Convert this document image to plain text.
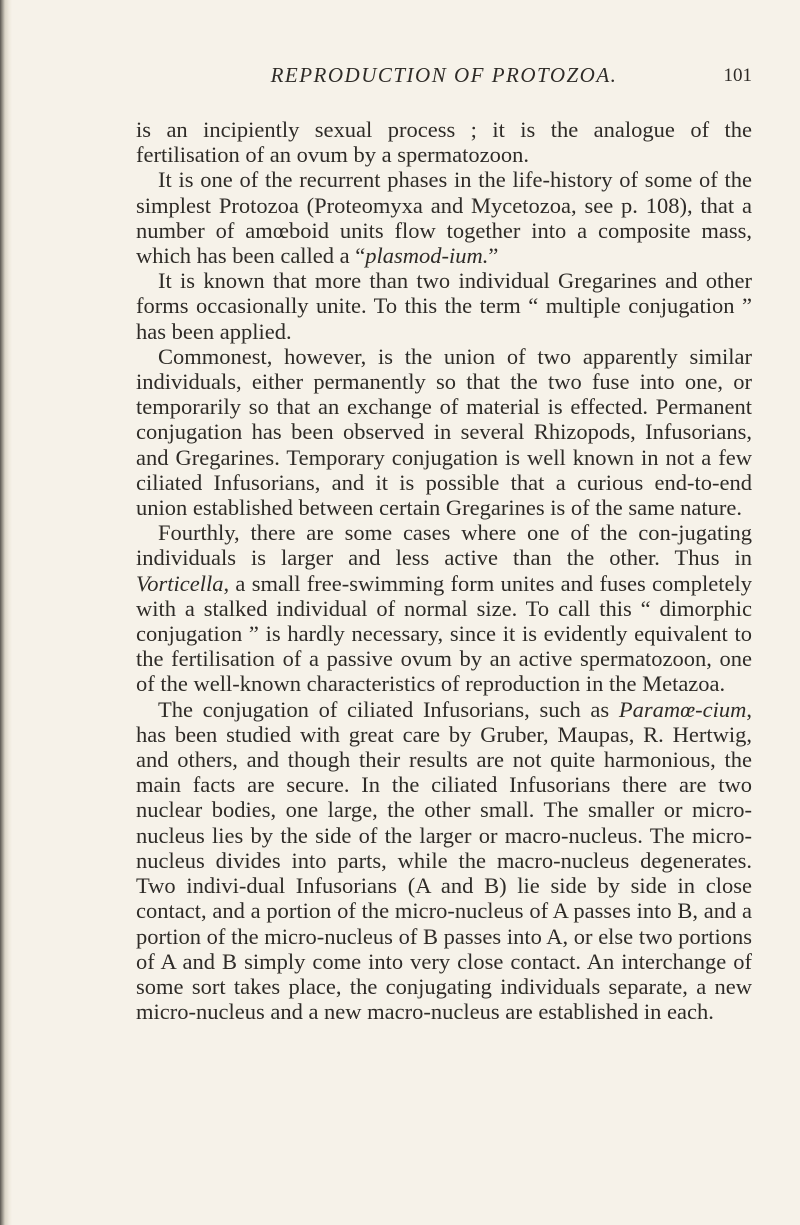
REPRODUCTION OF PROTOZOA.	101

is an incipiently sexual process ; it is the analogue of the fertilisation of an ovum by a spermatozoon.

It is one of the recurrent phases in the life-history of some of the simplest Protozoa (Proteomyxa and Mycetozoa, see p. 108), that a number of amœboid units flow together into a composite mass, which has been called a “plasmod-ium.”

It is known that more than two individual Gregarines and other forms occasionally unite. To this the term “ multiple conjugation ” has been applied.

Commonest, however, is the union of two apparently similar individuals, either permanently so that the two fuse into one, or temporarily so that an exchange of material is effected. Permanent conjugation has been observed in several Rhizopods, Infusorians, and Gregarines. Temporary conjugation is well known in not a few ciliated Infusorians, and it is possible that a curious end-to-end union established between certain Gregarines is of the same nature.

Fourthly, there are some cases where one of the con-jugating individuals is larger and less active than the other. Thus in Vorticella, a small free-swimming form unites and fuses completely with a stalked individual of normal size. To call this “ dimorphic conjugation ” is hardly necessary, since it is evidently equivalent to the fertilisation of a passive ovum by an active spermatozoon, one of the well-known characteristics of reproduction in the Metazoa.

The conjugation of ciliated Infusorians, such as Paramœ-cium, has been studied with great care by Gruber, Maupas, R. Hertwig, and others, and though their results are not quite harmonious, the main facts are secure. In the ciliated Infusorians there are two nuclear bodies, one large, the other small. The smaller or micro-nucleus lies by the side of the larger or macro-nucleus. The micro-nucleus divides into parts, while the macro-nucleus degenerates. Two indivi-dual Infusorians (A and B) lie side by side in close contact, and a portion of the micro-nucleus of A passes into B, and a portion of the micro-nucleus of B passes into A, or else two portions of A and B simply come into very close contact. An interchange of some sort takes place, the conjugating individuals separate, a new micro-nucleus and a new macro-nucleus are established in each.
